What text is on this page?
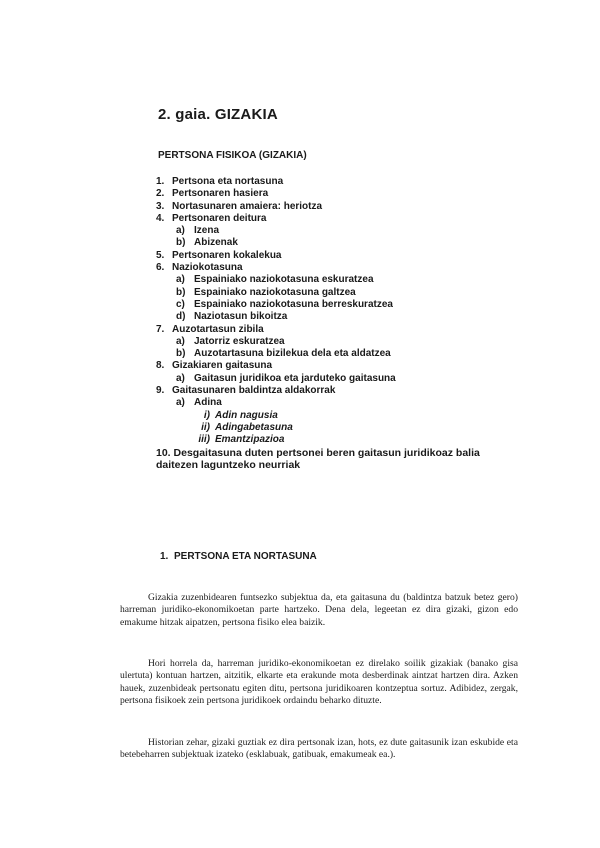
2. gaia. GIZAKIA
PERTSONA FISIKOA (GIZAKIA)
1. Pertsona eta nortasuna
2. Pertsonaren hasiera
3. Nortasunaren amaiera: heriotza
4. Pertsonaren deitura
a) Izena
b) Abizenak
5. Pertsonaren kokalekua
6. Naziokotasuna
a) Espainiako naziokotasuna eskuratzea
b) Espainiako naziokotasuna galtzea
c) Espainiako naziokotasuna berreskuratzea
d) Naziotasun bikoitza
7. Auzotartasun zibila
a) Jatorriz eskuratzea
b) Auzotartasuna bizilekua dela eta aldatzea
8. Gizakiaren gaitasuna
a) Gaitasun juridikoa eta jarduteko gaitasuna
9. Gaitasunaren baldintza aldakorrak
a) Adina
i) Adin nagusia
ii) Adingabetasuna
iii) Emantzipazioa
10. Desgaitasuna duten pertsonei beren gaitasun juridikoaz balia daitezen laguntzeko neurriak
1. PERTSONA ETA NORTASUNA
Gizakia zuzenbidearen funtsezko subjektua da, eta gaitasuna du (baldintza batzuk betez gero) harreman juridiko-ekonomikoetan parte hartzeko. Dena dela, legeetan ez dira gizaki, gizon edo emakume hitzak aipatzen, pertsona fisiko elea baizik.
Hori horrela da, harreman juridiko-ekonomikoetan ez direlako soilik gizakiak (banako gisa ulertuta) kontuan hartzen, aitzitik, elkarte eta erakunde mota desberdinak aintzat hartzen dira. Azken hauek, zuzenbideak pertsonatu egiten ditu, pertsona juridikoaren kontzeptua sortuz. Adibidez, zergak, pertsona fisikoek zein pertsona juridikoek ordaindu beharko dituzte.
Historian zehar, gizaki guztiak ez dira pertsonak izan, hots, ez dute gaitasunik izan eskubide eta betebeharren subjektuak izateko (esklabuak, gatibuak, emakumeak ea.).
